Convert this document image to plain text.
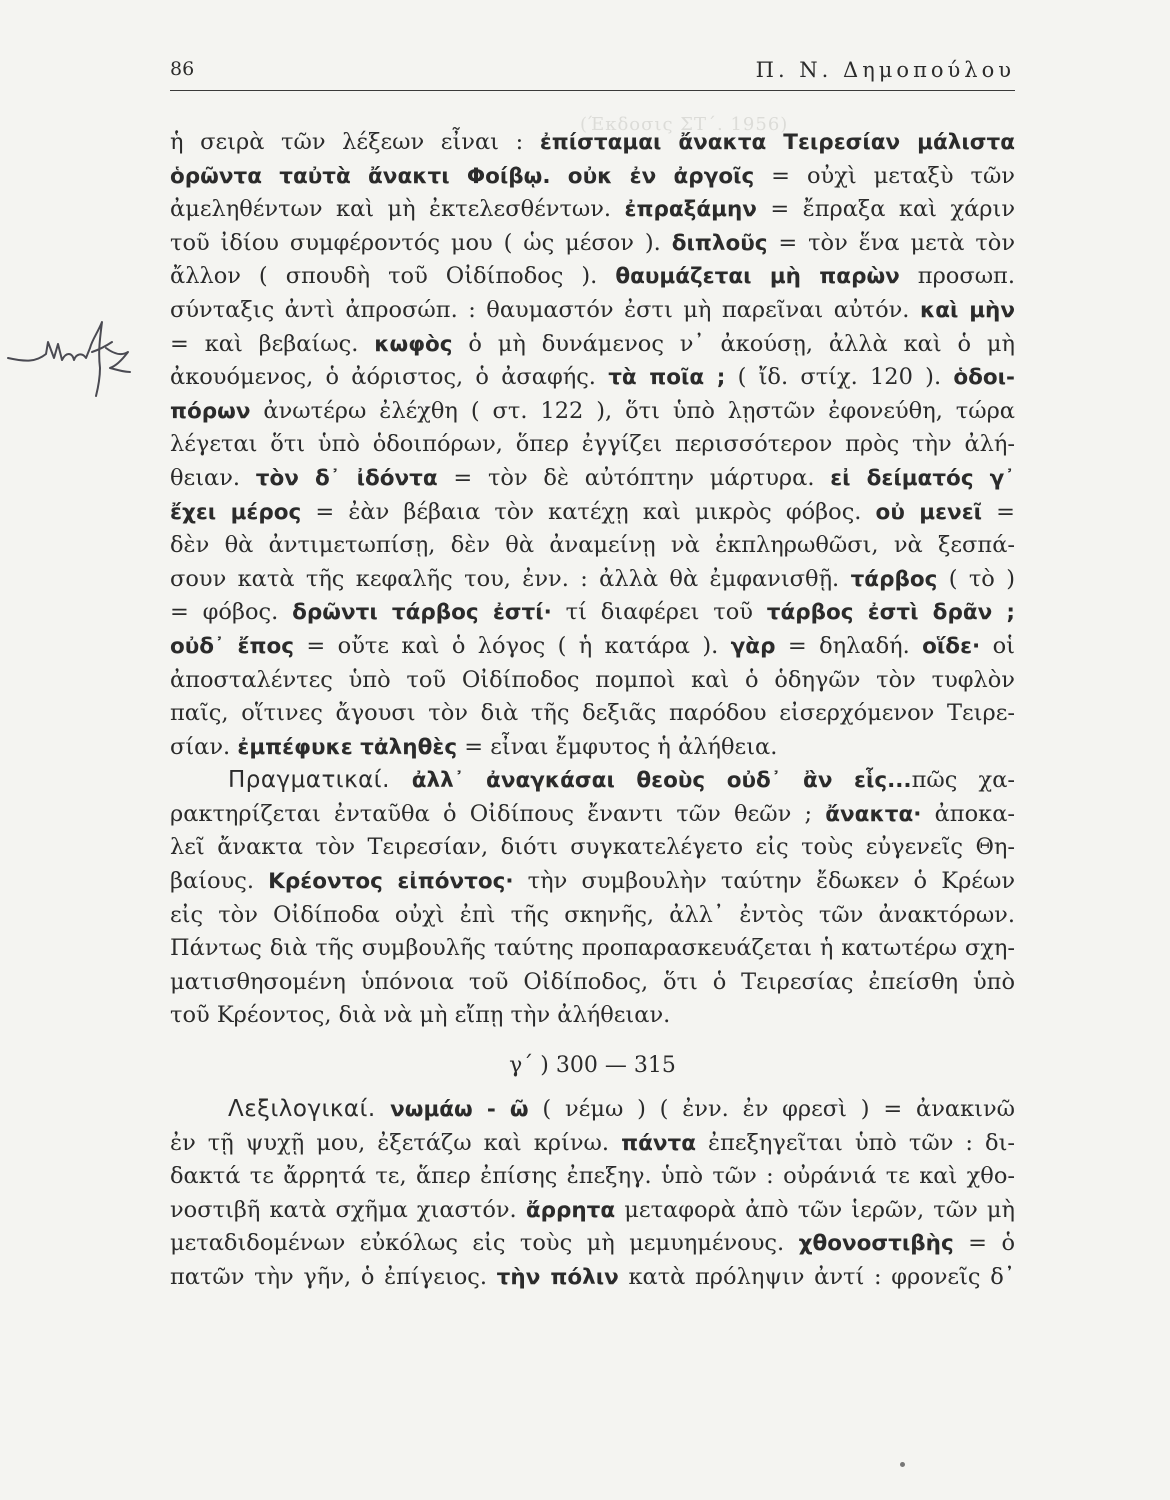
86
(Έκδοσις ΣΤ΄. 1956)
Π. Ν. Δημοπούλου
ἡ σειρὰ τῶν λέξεων εἶναι : ἐπίσταμαι ἄνακτα Τειρεσίαν μάλιστα
ὁρῶντα ταὐτὰ ἄνακτι Φοίβῳ. οὐκ ἐν ἀργοῖς = οὐχὶ μεταξὺ τῶν
ἀμεληθέντων καὶ μὴ ἐκτελεσθέντων. ἐπραξάμην = ἔπραξα καὶ χάριν
τοῦ ἰδίου συμφέροντός μου ( ὡς μέσον ). διπλοῦς = τὸν ἕνα μετὰ τὸν
ἄλλον ( σπουδὴ τοῦ Οἰδίποδος ). θαυμάζεται μὴ παρὼν προσωπ.
σύνταξις ἀντὶ ἀπροσώπ. : θαυμαστόν ἐστι μὴ παρεῖναι αὐτόν. καὶ μὴν
= καὶ βεβαίως. κωφὸς ὁ μὴ δυνάμενος ν᾿ ἀκούσῃ, ἀλλὰ καὶ ὁ μὴ
ἀκουόμενος, ὁ ἀόριστος, ὁ ἀσαφής. τὰ ποῖα ; ( ἴδ. στίχ. 120 ). ὁδοι-
πόρων ἀνωτέρω ἐλέχθη ( στ. 122 ), ὅτι ὑπὸ λῃστῶν ἐφονεύθη, τώρα
λέγεται ὅτι ὑπὸ ὁδοιπόρων, ὅπερ ἐγγίζει περισσότερον πρὸς τὴν ἀλή-
θειαν. τὸν δ᾿ ἰδόντα = τὸν δὲ αὐτόπτην μάρτυρα. εἰ δείματός γ᾿
ἔχει μέρος = ἐὰν βέβαια τὸν κατέχῃ καὶ μικρὸς φόβος. οὐ μενεῖ =
δὲν θὰ ἀντιμετωπίσῃ, δὲν θὰ ἀναμείνῃ νὰ ἐκπληρωθῶσι, νὰ ξεσπά-
σουν κατὰ τῆς κεφαλῆς του, ἐνν. : ἀλλὰ θὰ ἐμφανισθῇ. τάρβος ( τὸ )
= φόβος. δρῶντι τάρβος ἐστί· τί διαφέρει τοῦ τάρβος ἐστὶ δρᾶν ;
οὐδ᾿ ἔπος = οὔτε καὶ ὁ λόγος ( ἡ κατάρα ). γὰρ = δηλαδή. οἵδε· οἱ
ἀποσταλέντες ὑπὸ τοῦ Οἰδίποδος πομποὶ καὶ ὁ ὁδηγῶν τὸν τυφλὸν
παῖς, οἵτινες ἄγουσι τὸν διὰ τῆς δεξιᾶς παρόδου εἰσερχόμενον Τειρε-
σίαν. ἐμπέφυκε τἀληθὲς = εἶναι ἔμφυτος ἡ ἀλήθεια.
Πραγματικαί. ἀλλ᾿ ἀναγκάσαι θεοὺς οὐδ᾿ ἂν εἷς...πῶς χα-
ρακτηρίζεται ἐνταῦθα ὁ Οἰδίπους ἔναντι τῶν θεῶν ; ἄνακτα· ἀποκα-
λεῖ ἄνακτα τὸν Τειρεσίαν, διότι συγκατελέγετο εἰς τοὺς εὐγενεῖς Θη-
βαίους. Κρέοντος εἰπόντος· τὴν συμβουλὴν ταύτην ἔδωκεν ὁ Κρέων
εἰς τὸν Οἰδίποδα οὐχὶ ἐπὶ τῆς σκηνῆς, ἀλλ᾿ ἐντὸς τῶν ἀνακτόρων.
Πάντως διὰ τῆς συμβουλῆς ταύτης προπαρασκευάζεται ἡ κατωτέρω σχη-
ματισθησομένη ὑπόνοια τοῦ Οἰδίποδος, ὅτι ὁ Τειρεσίας ἐπείσθη ὑπὸ
τοῦ Κρέοντος, διὰ νὰ μὴ εἴπῃ τὴν ἀλήθειαν.
γ΄ ) 300 — 315
Λεξιλογικαί. νωμάω - ῶ ( νέμω ) ( ἐνν. ἐν φρεσὶ ) = ἀνακινῶ
ἐν τῇ ψυχῇ μου, ἐξετάζω καὶ κρίνω. πάντα ἐπεξηγεῖται ὑπὸ τῶν : δι-
δακτά τε ἄρρητά τε, ἅπερ ἐπίσης ἐπεξηγ. ὑπὸ τῶν : οὐράνιά τε καὶ χθο-
νοστιβῆ κατὰ σχῆμα χιαστόν. ἄρρητα μεταφορὰ ἀπὸ τῶν ἱερῶν, τῶν μὴ
μεταδιδομένων εὐκόλως εἰς τοὺς μὴ μεμυημένους. χθονοστιβὴς = ὁ
πατῶν τὴν γῆν, ὁ ἐπίγειος. τὴν πόλιν κατὰ πρόληψιν ἀντί : φρονεῖς δ᾿
